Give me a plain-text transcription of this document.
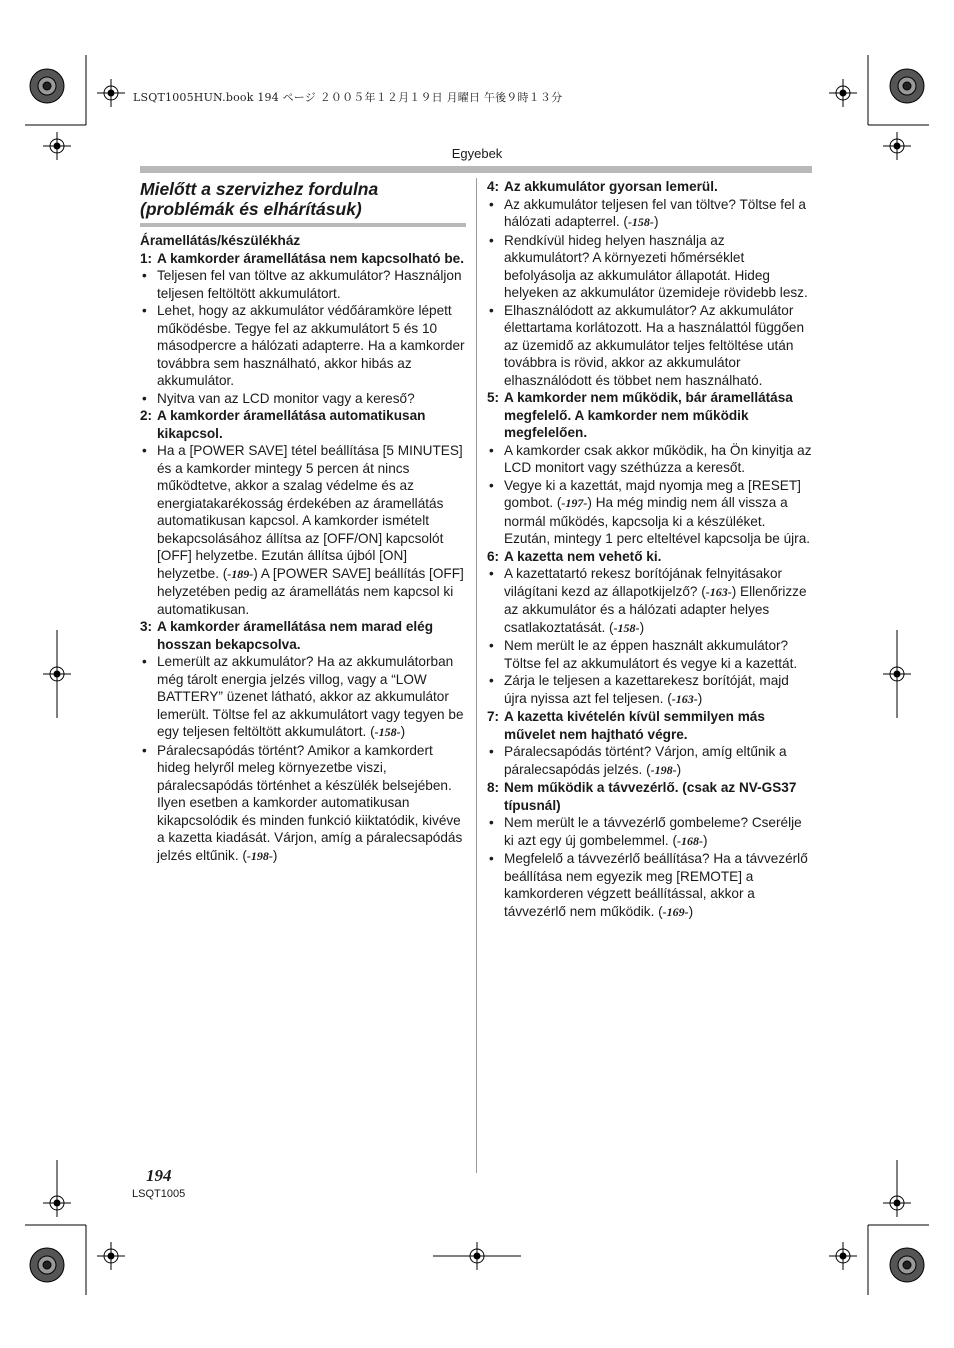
LSQT1005HUN.book 194 ページ ２００５年１２月１９日 月曜日 午後９時１３分
Egyebek
Mielőtt a szervizhez fordulna (problémák és elhárításuk)
Áramellátás/készülékház
1: A kamkorder áramellátása nem kapcsolható be.
• Teljesen fel van töltve az akkumulátor? Használjon teljesen feltöltött akkumulátort.
• Lehet, hogy az akkumulátor védőáramköre lépett működésbe. Tegye fel az akkumulátort 5 és 10 másodpercre a hálózati adapterre. Ha a kamkorder továbbra sem használható, akkor hibás az akkumulátor.
• Nyitva van az LCD monitor vagy a kereső?
2: A kamkorder áramellátása automatikusan kikapcsol.
• Ha a [POWER SAVE] tétel beállítása [5 MINUTES] és a kamkorder mintegy 5 percen át nincs működtetve, akkor a szalag védelme és az energiatakarékosság érdekében az áramellátás automatikusan kapcsol. A kamkorder ismételt bekapcsolásához állítsa az [OFF/ON] kapcsolót [OFF] helyzetbe. Ezután állítsa újból [ON] helyzetbe. (-189-) A [POWER SAVE] beállítás [OFF] helyzetében pedig az áramellátás nem kapcsol ki automatikusan.
3: A kamkorder áramellátása nem marad elég hosszan bekapcsolva.
• Lemerült az akkumulátor? Ha az akkumulátorban még tárolt energia jelzés villog, vagy a “LOW BATTERY” üzenet látható, akkor az akkumulátor lemerült. Töltse fel az akkumulátort vagy tegyen be egy teljesen feltöltött akkumulátort. (-158-)
• Páralecsapódás történt? Amikor a kamkordert hideg helyről meleg környezetbe viszi, páralecsapódás történhet a készülék belsejében. Ilyen esetben a kamkorder automatikusan kikapcsolódik és minden funkció kiiktatódik, kivéve a kazetta kiadását. Várjon, amíg a páralecsapódás jelzés eltűnik. (-198-)
4: Az akkumulátor gyorsan lemerül.
• Az akkumulátor teljesen fel van töltve? Töltse fel a hálózati adapterrel. (-158-)
• Rendkívül hideg helyen használja az akkumulátort? A környezeti hőmérséklet befolyásolja az akkumulátor állapotát. Hideg helyeken az akkumulátor üzemideje rövidebb lesz.
• Elhasználódott az akkumulátor? Az akkumulátor élettartama korlátozott. Ha a használattól függően az üzemidő az akkumulátor teljes feltöltése után továbbra is rövid, akkor az akkumulátor elhasználódott és többet nem használható.
5: A kamkorder nem működik, bár áramellátása megfelelő. A kamkorder nem működik megfelelően.
• A kamkorder csak akkor működik, ha Ön kinyitja az LCD monitort vagy széthúzza a keresőt.
• Vegye ki a kazettát, majd nyomja meg a [RESET] gombot. (-197-) Ha még mindig nem áll vissza a normál működés, kapcsolja ki a készüléket. Ezután, mintegy 1 perc elteltével kapcsolja be újra.
6: A kazetta nem vehető ki.
• A kazettatartó rekesz borítójának felnyitásakor világítani kezd az állapotkijelző? (-163-) Ellenőrizze az akkumulátor és a hálózati adapter helyes csatlakoztatását. (-158-)
• Nem merült le az éppen használt akkumulátor? Töltse fel az akkumulátort és vegye ki a kazettát.
• Zárja le teljesen a kazettarekesz borítóját, majd újra nyissa azt fel teljesen. (-163-)
7: A kazetta kivételén kívül semmilyen más művelet nem hajtható végre.
• Páralecsapódás történt? Várjon, amíg eltűnik a páralecsapódás jelzés. (-198-)
8: Nem működik a távvezérlő. (csak az NV-GS37 típusnál)
• Nem merült le a távvezérlő gombeleme? Cserélje ki azt egy új gombelemmel. (-168-)
• Megfelelő a távvezérlő beállítása? Ha a távvezérlő beállítása nem egyezik meg [REMOTE] a kamkorderen végzett beállítással, akkor a távvezérlő nem működik. (-169-)
194
LSQT1005
